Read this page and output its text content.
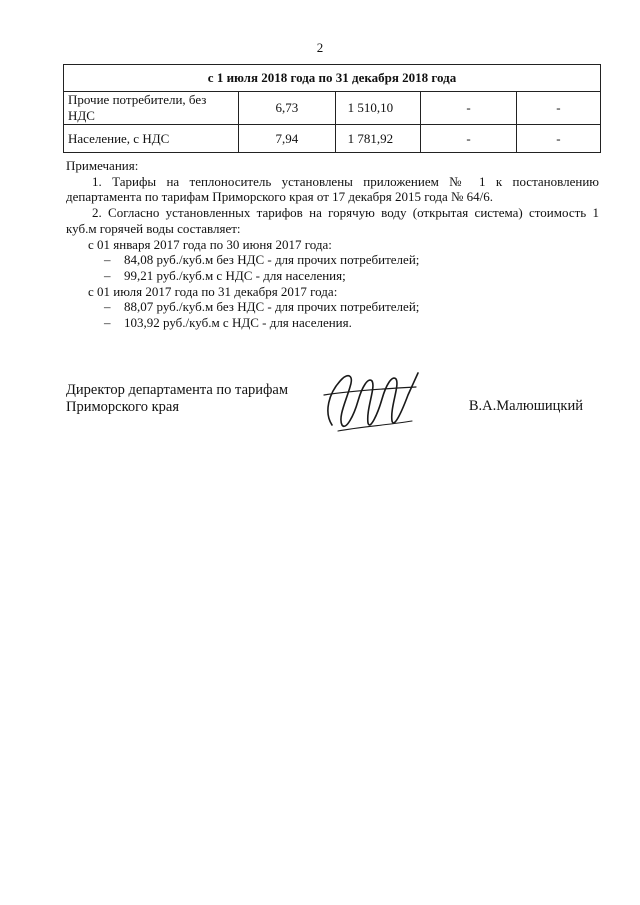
2
с 1 июля 2018 года по 31 декабря 2018 года				
Прочие потребители, без НДС	6,73	1 510,10	-	-
Население, с НДС	7,94	1 781,92	-	-

Примечания:

1. Тарифы на теплоноситель установлены приложением № 1 к постановлению департамента по тарифам Приморского края от 17 декабря 2015 года № 64/6.

2. Согласно установленных тарифов на горячую воду (открытая система) стоимость 1 куб.м горячей воды составляет:

с 01 января 2017 года по 30 июня 2017 года:

– 84,08 руб./куб.м без НДС - для прочих потребителей;

– 99,21 руб./куб.м с НДС - для населения;

с 01 июля 2017 года по 31 декабря 2017 года:

– 88,07 руб./куб.м без НДС - для прочих потребителей;

– 103,92 руб./куб.м с НДС - для населения.

Директор департамента по тарифам
Приморского края	В.А.Малюшицкий
